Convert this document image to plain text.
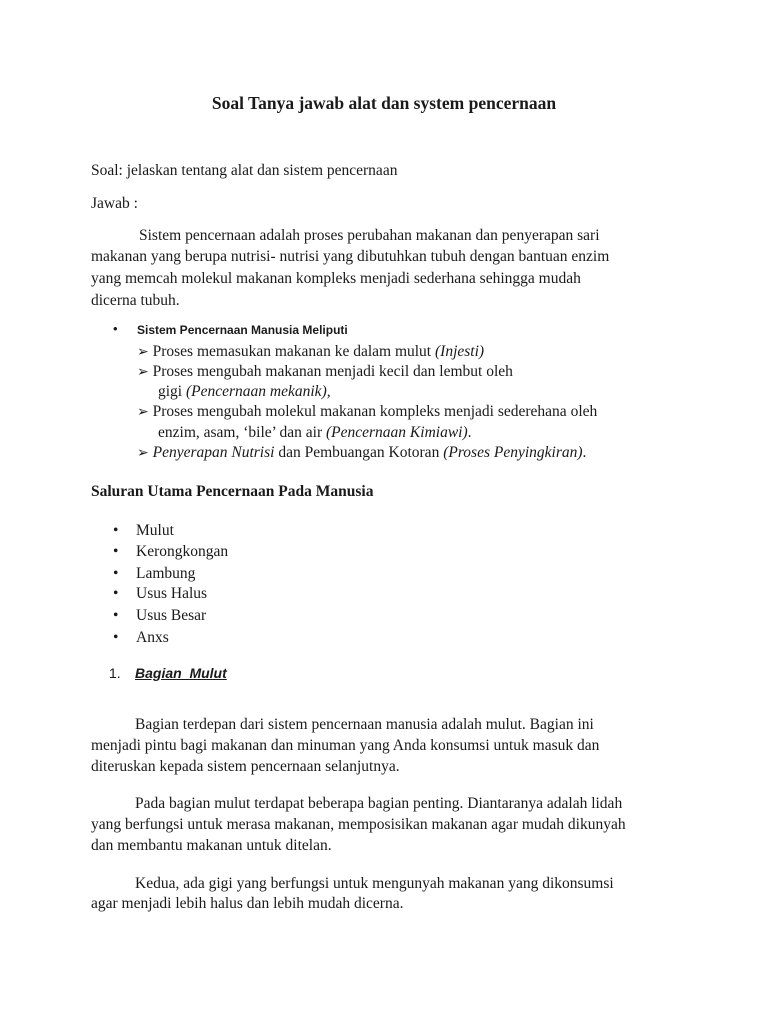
Soal Tanya jawab alat dan system pencernaan
Soal: jelaskan tentang alat dan sistem pencernaan
Jawab :
Sistem pencernaan adalah proses perubahan makanan dan penyerapan sari
makanan yang berupa nutrisi- nutrisi yang dibutuhkan tubuh dengan bantuan enzim
yang memcah molekul makanan kompleks menjadi sederhana sehingga mudah
dicerna tubuh.
• Sistem Pencernaan Manusia Meliputi
➢ Proses memasukan makanan ke dalam mulut (Injesti)
➢ Proses mengubah makanan menjadi kecil dan lembut oleh
gigi (Pencernaan mekanik),
➢ Proses mengubah molekul makanan kompleks menjadi sederehana oleh
enzim, asam, ‘bile’ dan air (Pencernaan Kimiawi).
➢ Penyerapan Nutrisi dan Pembuangan Kotoran (Proses Penyingkiran).
Saluran Utama Pencernaan Pada Manusia
• Mulut
• Kerongkongan
• Lambung
• Usus Halus
• Usus Besar
• Anxs
1. Bagian  Mulut
Bagian terdepan dari sistem pencernaan manusia adalah mulut. Bagian ini
menjadi pintu bagi makanan dan minuman yang Anda konsumsi untuk masuk dan
diteruskan kepada sistem pencernaan selanjutnya.
Pada bagian mulut terdapat beberapa bagian penting. Diantaranya adalah lidah
yang berfungsi untuk merasa makanan, memposisikan makanan agar mudah dikunyah
dan membantu makanan untuk ditelan.
Kedua, ada gigi yang berfungsi untuk mengunyah makanan yang dikonsumsi
agar menjadi lebih halus dan lebih mudah dicerna.
